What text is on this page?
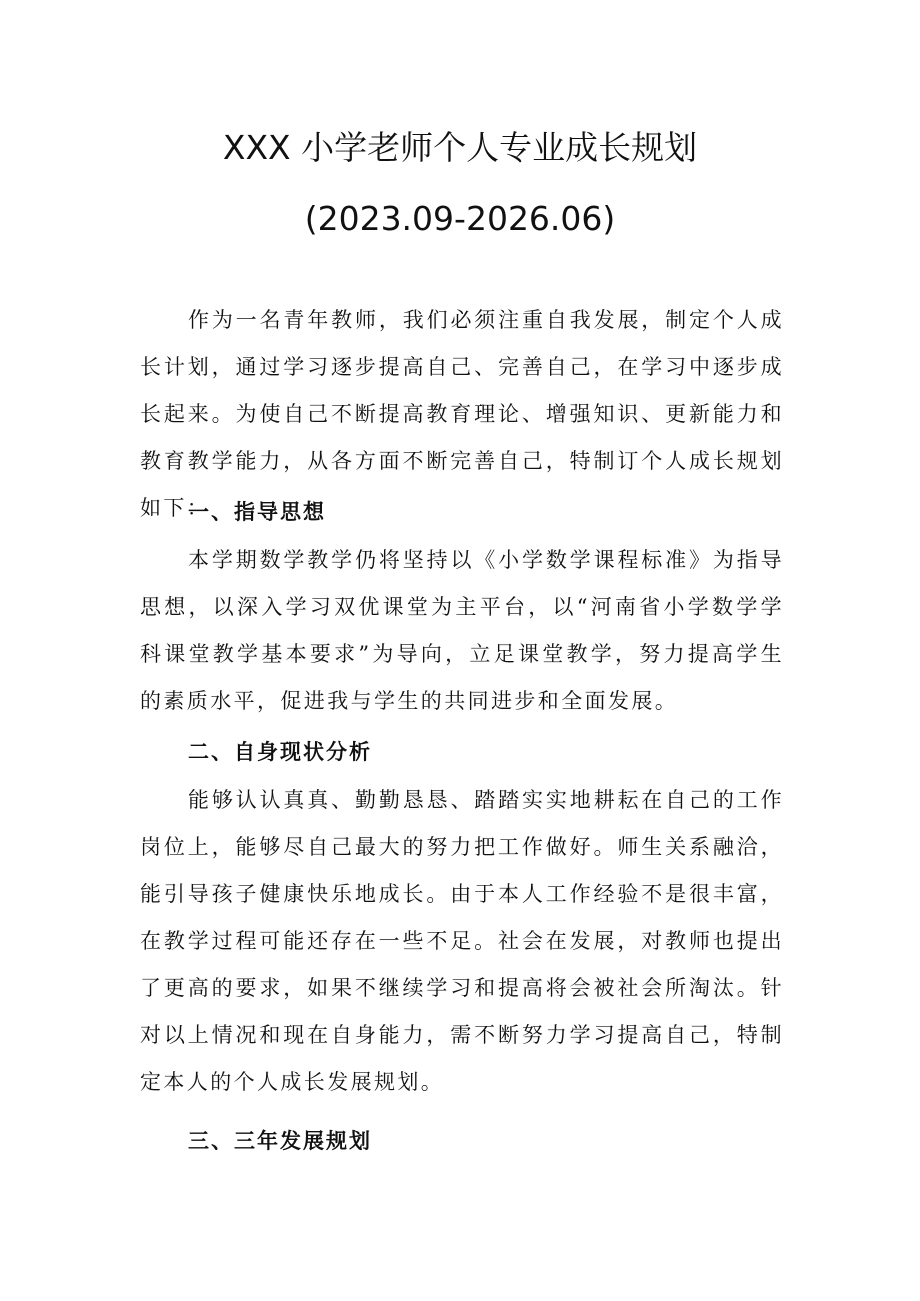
XXX 小学老师个人专业成长规划
(2023.09-2026.06)
作为一名青年教师，我们必须注重自我发展，制定个人成长计划，通过学习逐步提高自己、完善自己，在学习中逐步成长起来。为使自己不断提高教育理论、增强知识、更新能力和教育教学能力，从各方面不断完善自己，特制订个人成长规划如下：
一、指导思想
本学期数学教学仍将坚持以《小学数学课程标准》为指导思想，以深入学习双优课堂为主平台，以“河南省小学数学学科课堂教学基本要求”为导向，立足课堂教学，努力提高学生的素质水平，促进我与学生的共同进步和全面发展。
二、自身现状分析
能够认认真真、勤勤恳恳、踏踏实实地耕耘在自己的工作岗位上，能够尽自己最大的努力把工作做好。师生关系融洽，能引导孩子健康快乐地成长。由于本人工作经验不是很丰富，在教学过程可能还存在一些不足。社会在发展，对教师也提出了更高的要求，如果不继续学习和提高将会被社会所淘汰。针对以上情况和现在自身能力，需不断努力学习提高自己，特制定本人的个人成长发展规划。
三、三年发展规划
